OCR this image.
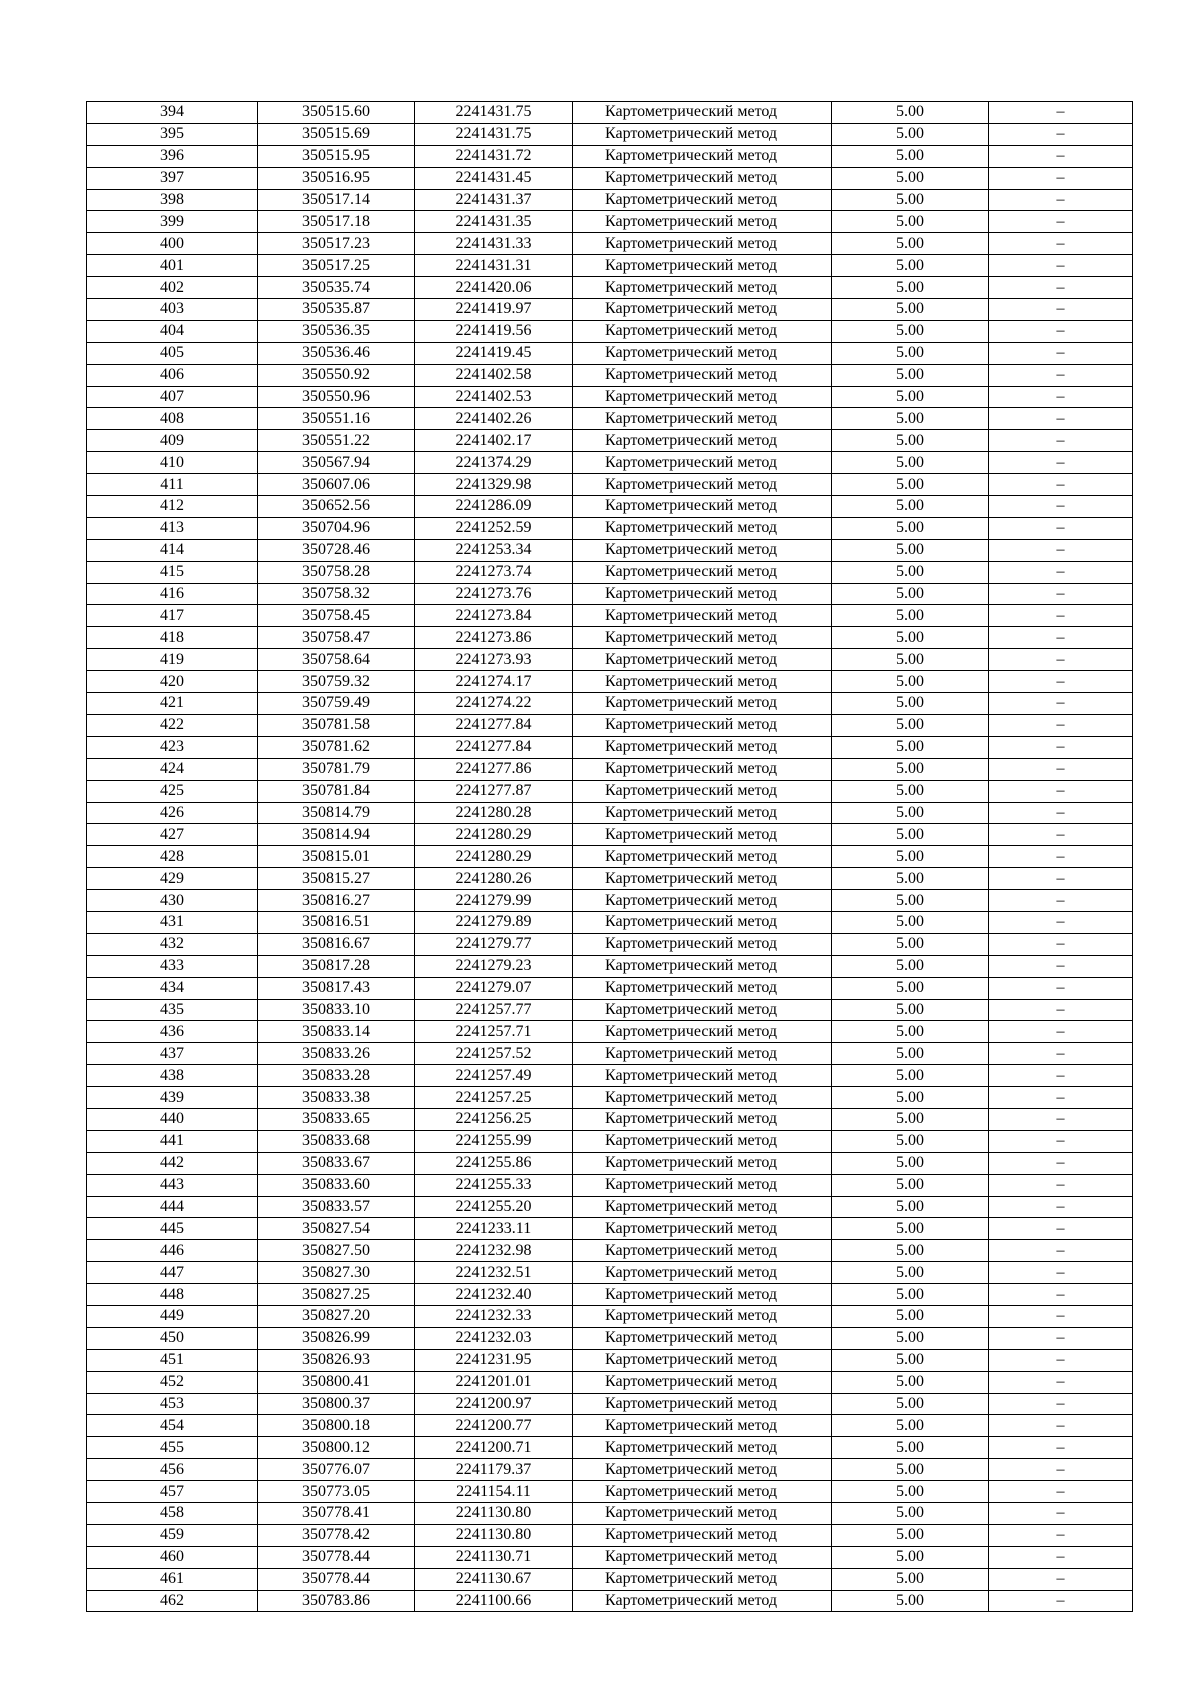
394	350515.60	2241431.75	Картометрический метод	5.00	–
395	350515.69	2241431.75	Картометрический метод	5.00	–
396	350515.95	2241431.72	Картометрический метод	5.00	–
397	350516.95	2241431.45	Картометрический метод	5.00	–
398	350517.14	2241431.37	Картометрический метод	5.00	–
399	350517.18	2241431.35	Картометрический метод	5.00	–
400	350517.23	2241431.33	Картометрический метод	5.00	–
401	350517.25	2241431.31	Картометрический метод	5.00	–
402	350535.74	2241420.06	Картометрический метод	5.00	–
403	350535.87	2241419.97	Картометрический метод	5.00	–
404	350536.35	2241419.56	Картометрический метод	5.00	–
405	350536.46	2241419.45	Картометрический метод	5.00	–
406	350550.92	2241402.58	Картометрический метод	5.00	–
407	350550.96	2241402.53	Картометрический метод	5.00	–
408	350551.16	2241402.26	Картометрический метод	5.00	–
409	350551.22	2241402.17	Картометрический метод	5.00	–
410	350567.94	2241374.29	Картометрический метод	5.00	–
411	350607.06	2241329.98	Картометрический метод	5.00	–
412	350652.56	2241286.09	Картометрический метод	5.00	–
413	350704.96	2241252.59	Картометрический метод	5.00	–
414	350728.46	2241253.34	Картометрический метод	5.00	–
415	350758.28	2241273.74	Картометрический метод	5.00	–
416	350758.32	2241273.76	Картометрический метод	5.00	–
417	350758.45	2241273.84	Картометрический метод	5.00	–
418	350758.47	2241273.86	Картометрический метод	5.00	–
419	350758.64	2241273.93	Картометрический метод	5.00	–
420	350759.32	2241274.17	Картометрический метод	5.00	–
421	350759.49	2241274.22	Картометрический метод	5.00	–
422	350781.58	2241277.84	Картометрический метод	5.00	–
423	350781.62	2241277.84	Картометрический метод	5.00	–
424	350781.79	2241277.86	Картометрический метод	5.00	–
425	350781.84	2241277.87	Картометрический метод	5.00	–
426	350814.79	2241280.28	Картометрический метод	5.00	–
427	350814.94	2241280.29	Картометрический метод	5.00	–
428	350815.01	2241280.29	Картометрический метод	5.00	–
429	350815.27	2241280.26	Картометрический метод	5.00	–
430	350816.27	2241279.99	Картометрический метод	5.00	–
431	350816.51	2241279.89	Картометрический метод	5.00	–
432	350816.67	2241279.77	Картометрический метод	5.00	–
433	350817.28	2241279.23	Картометрический метод	5.00	–
434	350817.43	2241279.07	Картометрический метод	5.00	–
435	350833.10	2241257.77	Картометрический метод	5.00	–
436	350833.14	2241257.71	Картометрический метод	5.00	–
437	350833.26	2241257.52	Картометрический метод	5.00	–
438	350833.28	2241257.49	Картометрический метод	5.00	–
439	350833.38	2241257.25	Картометрический метод	5.00	–
440	350833.65	2241256.25	Картометрический метод	5.00	–
441	350833.68	2241255.99	Картометрический метод	5.00	–
442	350833.67	2241255.86	Картометрический метод	5.00	–
443	350833.60	2241255.33	Картометрический метод	5.00	–
444	350833.57	2241255.20	Картометрический метод	5.00	–
445	350827.54	2241233.11	Картометрический метод	5.00	–
446	350827.50	2241232.98	Картометрический метод	5.00	–
447	350827.30	2241232.51	Картометрический метод	5.00	–
448	350827.25	2241232.40	Картометрический метод	5.00	–
449	350827.20	2241232.33	Картометрический метод	5.00	–
450	350826.99	2241232.03	Картометрический метод	5.00	–
451	350826.93	2241231.95	Картометрический метод	5.00	–
452	350800.41	2241201.01	Картометрический метод	5.00	–
453	350800.37	2241200.97	Картометрический метод	5.00	–
454	350800.18	2241200.77	Картометрический метод	5.00	–
455	350800.12	2241200.71	Картометрический метод	5.00	–
456	350776.07	2241179.37	Картометрический метод	5.00	–
457	350773.05	2241154.11	Картометрический метод	5.00	–
458	350778.41	2241130.80	Картометрический метод	5.00	–
459	350778.42	2241130.80	Картометрический метод	5.00	–
460	350778.44	2241130.71	Картометрический метод	5.00	–
461	350778.44	2241130.67	Картометрический метод	5.00	–
462	350783.86	2241100.66	Картометрический метод	5.00	–
